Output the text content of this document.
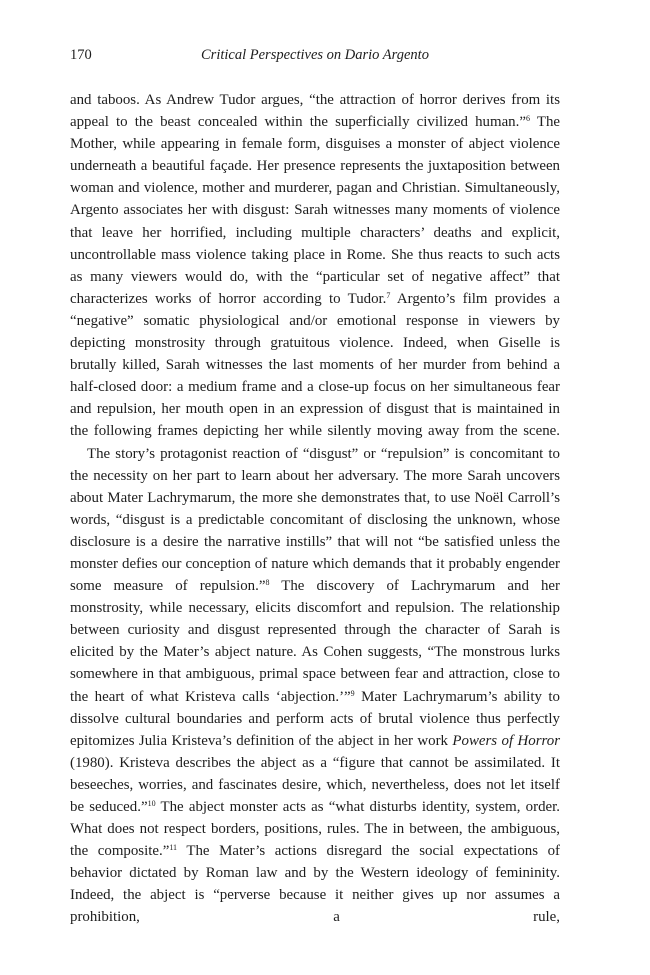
170	Critical Perspectives on Dario Argento

and taboos. As Andrew Tudor argues, “the attraction of horror derives from its appeal to the beast concealed within the superficially civilized human.”$^6$ The Mother, while appearing in female form, disguises a monster of abject violence underneath a beautiful façade. Her presence represents the juxtaposition between woman and violence, mother and murderer, pagan and Christian. Simultaneously, Argento associates her with disgust: Sarah witnesses many moments of violence that leave her horrified, including multiple characters’ deaths and explicit, uncontrollable mass violence taking place in Rome. She thus reacts to such acts as many viewers would do, with the “particular set of negative affect” that characterizes works of horror according to Tudor.$^7$ Argento’s film provides a “negative” somatic physiological and/or emotional response in viewers by depicting monstrosity through gratuitous violence. Indeed, when Giselle is brutally killed, Sarah witnesses the last moments of her murder from behind a half-closed door: a medium frame and a close-up focus on her simultaneous fear and repulsion, her mouth open in an expression of disgust that is maintained in the following frames depicting her while silently moving away from the scene.

The story’s protagonist reaction of “disgust” or “repulsion” is concomitant to the necessity on her part to learn about her adversary. The more Sarah uncovers about Mater Lachrymarum, the more she demonstrates that, to use Noël Carroll’s words, “disgust is a predictable concomitant of disclosing the unknown, whose disclosure is a desire the narrative instills” that will not “be satisfied unless the monster defies our conception of nature which demands that it probably engender some measure of repulsion.”$^8$ The discovery of Lachrymarum and her monstrosity, while necessary, elicits discomfort and repulsion. The relationship between curiosity and disgust represented through the character of Sarah is elicited by the Mater’s abject nature. As Cohen suggests, “The monstrous lurks somewhere in that ambiguous, primal space between fear and attraction, close to the heart of what Kristeva calls ‘abjection.’”$^9$ Mater Lachrymarum’s ability to dissolve cultural boundaries and perform acts of brutal violence thus perfectly epitomizes Julia Kristeva’s definition of the abject in her work Powers of Horror (1980). Kristeva describes the abject as a “figure that cannot be assimilated. It beseeches, worries, and fascinates desire, which, nevertheless, does not let itself be seduced.”$^{10}$ The abject monster acts as “what disturbs identity, system, order. What does not respect borders, positions, rules. The in between, the ambiguous, the composite.”$^{11}$ The Mater’s actions disregard the social expectations of behavior dictated by Roman law and by the Western ideology of femininity. Indeed, the abject is “perverse because it neither gives up nor assumes a prohibition, a rule,
